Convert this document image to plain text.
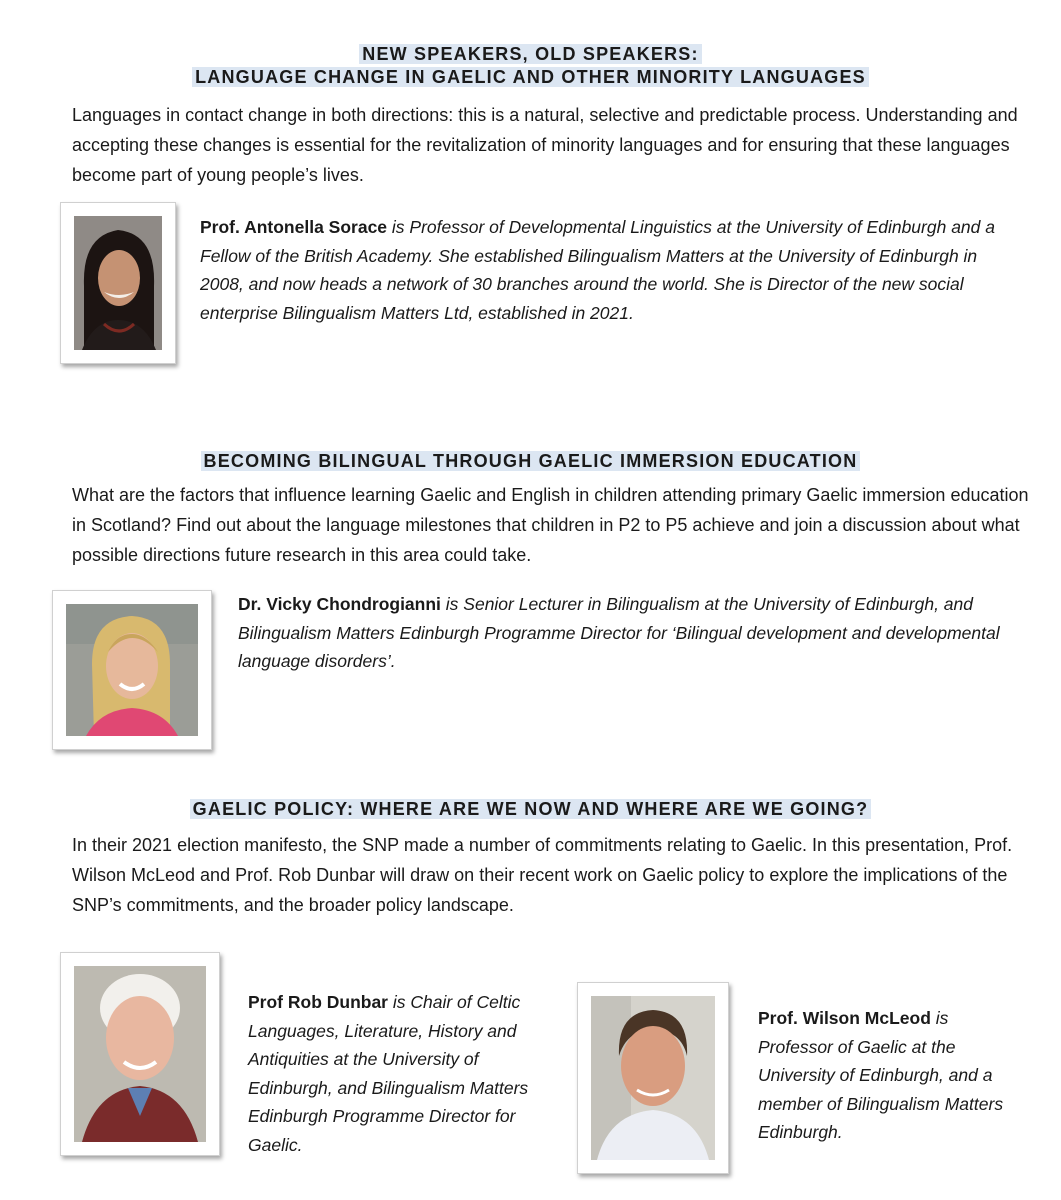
NEW SPEAKERS, OLD SPEAKERS:
LANGUAGE CHANGE IN GAELIC AND OTHER MINORITY LANGUAGES
Languages in contact change in both directions: this is a natural, selective and predictable process. Understanding and accepting these changes is essential for the revitalization of minority languages and for ensuring that these languages become part of young people’s lives.
Prof. Antonella Sorace is Professor of Developmental Linguistics at the University of Edinburgh and a Fellow of the British Academy. She established Bilingualism Matters at the University of Edinburgh in 2008, and now heads a network of 30 branches around the world. She is Director of the new social enterprise Bilingualism Matters Ltd, established in 2021.
BECOMING BILINGUAL THROUGH GAELIC IMMERSION EDUCATION
What are the factors that influence learning Gaelic and English in children attending primary Gaelic immersion education in Scotland? Find out about the language milestones that children in P2 to P5 achieve and join a discussion about what possible directions future research in this area could take.
Dr. Vicky Chondrogianni is Senior Lecturer in Bilingualism at the University of Edinburgh, and Bilingualism Matters Edinburgh Programme Director for ‘Bilingual development and developmental language disorders’.
GAELIC POLICY: WHERE ARE WE NOW AND WHERE ARE WE GOING?
In their 2021 election manifesto, the SNP made a number of commitments relating to Gaelic. In this presentation, Prof. Wilson McLeod and Prof. Rob Dunbar will draw on their recent work on Gaelic policy to explore the implications of the SNP’s commitments, and the broader policy landscape.
Prof Rob Dunbar is Chair of Celtic Languages, Literature, History and Antiquities at the University of Edinburgh, and Bilingualism Matters Edinburgh Programme Director for Gaelic.
Prof. Wilson McLeod is Professor of Gaelic at the University of Edinburgh, and a member of Bilingualism Matters Edinburgh.
